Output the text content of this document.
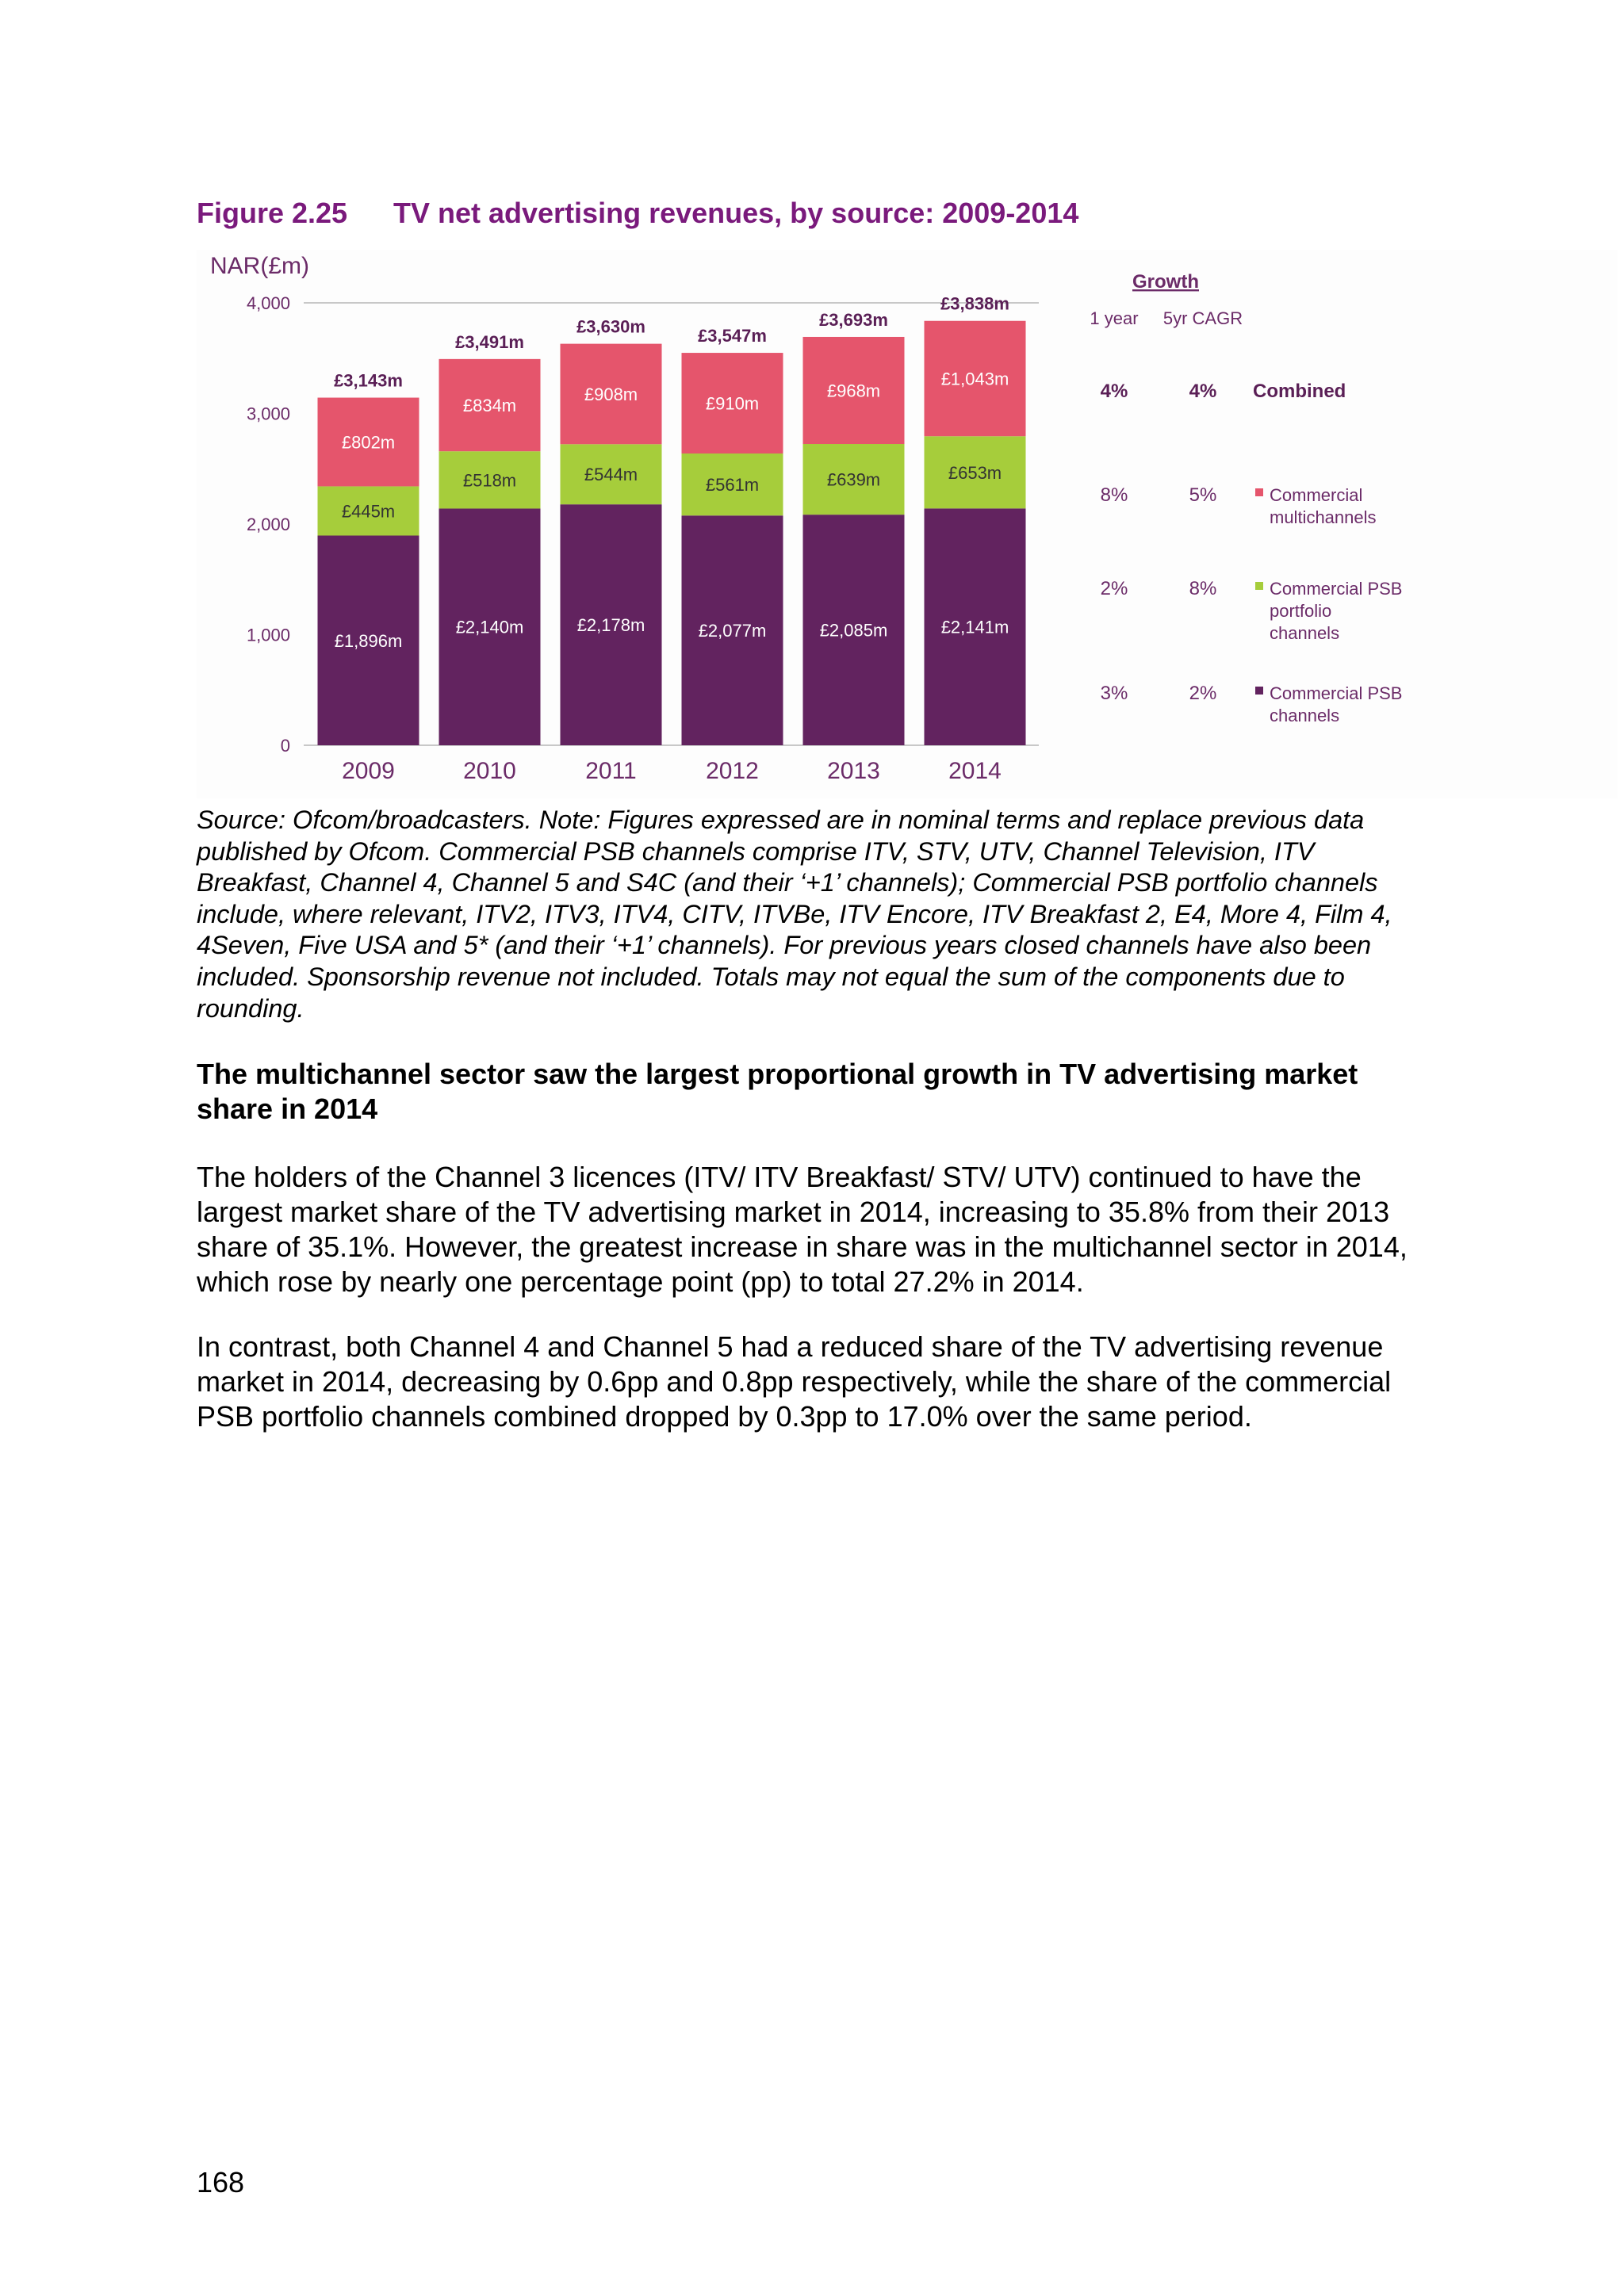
Figure 2.25 TV net advertising revenues, by source: 2009-2014
NAR(£m)
0
1,000
2,000
3,000
4,000
£1,896m
£445m
£802m
£3,143m
2009
£2,140m
£518m
£834m
£3,491m
2010
£2,178m
£544m
£908m
£3,630m
2011
£2,077m
£561m
£910m
£3,547m
2012
£2,085m
£639m
£968m
£3,693m
2013
£2,141m
£653m
£1,043m
£3,838m
2014
Growth
1 year 5yr CAGR
4%	4% Combined
8%	5%	Commercial
multichannels
2%	8%	Commercial PSB
portfolio
channels
3%	2%	Commercial PSB
channels
Source: Ofcom/broadcasters. Note: Figures expressed are in nominal terms and replace previous data published by Ofcom. Commercial PSB channels comprise ITV, STV, UTV, Channel Television, ITV Breakfast, Channel 4, Channel 5 and S4C (and their ‘+1’ channels); Commercial PSB portfolio channels include, where relevant, ITV2, ITV3, ITV4, CITV, ITVBe, ITV Encore, ITV Breakfast 2, E4, More 4, Film 4, 4Seven, Five USA and 5* (and their ‘+1’ channels). For previous years closed channels have also been included. Sponsorship revenue not included. Totals may not equal the sum of the components due to rounding.
The multichannel sector saw the largest proportional growth in TV advertising market share in 2014
The holders of the Channel 3 licences (ITV/ ITV Breakfast/ STV/ UTV) continued to have the largest market share of the TV advertising market in 2014, increasing to 35.8% from their 2013 share of 35.1%. However, the greatest increase in share was in the multichannel sector in 2014, which rose by nearly one percentage point (pp) to total 27.2% in 2014.
In contrast, both Channel 4 and Channel 5 had a reduced share of the TV advertising revenue market in 2014, decreasing by 0.6pp and 0.8pp respectively, while the share of the commercial PSB portfolio channels combined dropped by 0.3pp to 17.0% over the same period.
168
